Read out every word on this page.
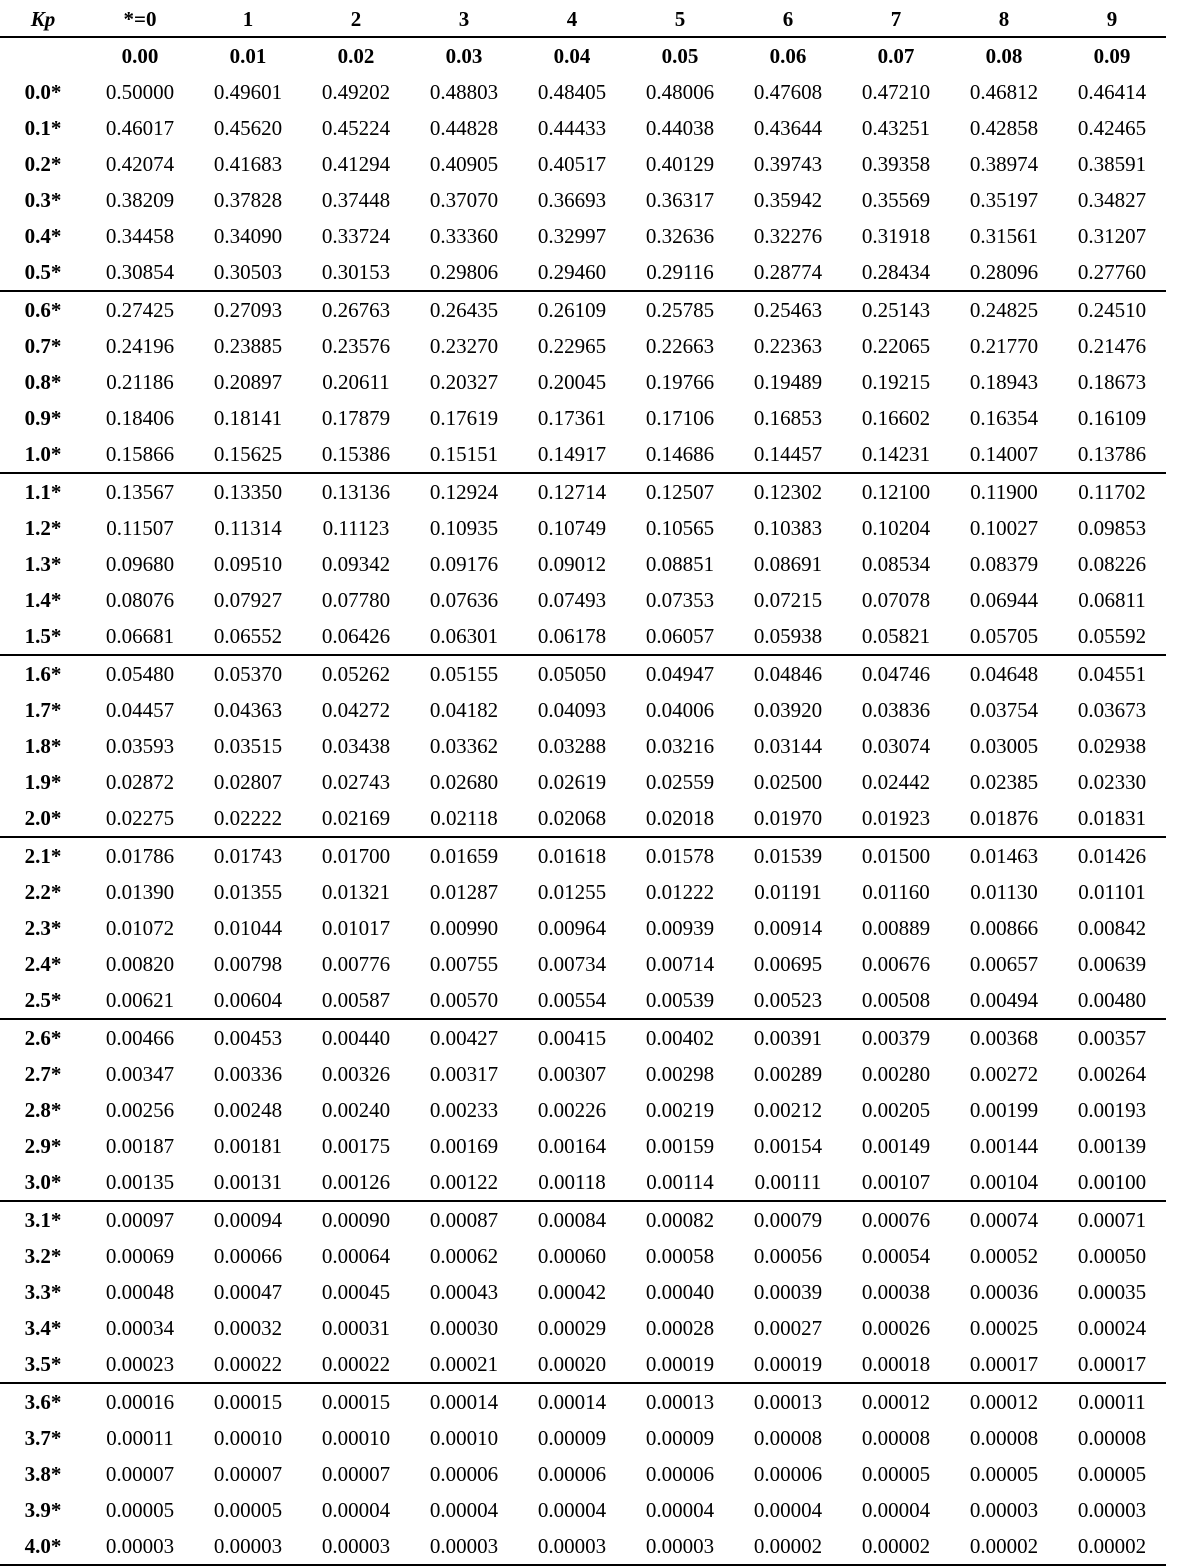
Kp	*=0	1	2	3	4	5	6	7	8	9
	0.00	0.01	0.02	0.03	0.04	0.05	0.06	0.07	0.08	0.09
0.0*	0.50000	0.49601	0.49202	0.48803	0.48405	0.48006	0.47608	0.47210	0.46812	0.46414
0.1*	0.46017	0.45620	0.45224	0.44828	0.44433	0.44038	0.43644	0.43251	0.42858	0.42465
0.2*	0.42074	0.41683	0.41294	0.40905	0.40517	0.40129	0.39743	0.39358	0.38974	0.38591
0.3*	0.38209	0.37828	0.37448	0.37070	0.36693	0.36317	0.35942	0.35569	0.35197	0.34827
0.4*	0.34458	0.34090	0.33724	0.33360	0.32997	0.32636	0.32276	0.31918	0.31561	0.31207
0.5*	0.30854	0.30503	0.30153	0.29806	0.29460	0.29116	0.28774	0.28434	0.28096	0.27760
0.6*	0.27425	0.27093	0.26763	0.26435	0.26109	0.25785	0.25463	0.25143	0.24825	0.24510
0.7*	0.24196	0.23885	0.23576	0.23270	0.22965	0.22663	0.22363	0.22065	0.21770	0.21476
0.8*	0.21186	0.20897	0.20611	0.20327	0.20045	0.19766	0.19489	0.19215	0.18943	0.18673
0.9*	0.18406	0.18141	0.17879	0.17619	0.17361	0.17106	0.16853	0.16602	0.16354	0.16109
1.0*	0.15866	0.15625	0.15386	0.15151	0.14917	0.14686	0.14457	0.14231	0.14007	0.13786
1.1*	0.13567	0.13350	0.13136	0.12924	0.12714	0.12507	0.12302	0.12100	0.11900	0.11702
1.2*	0.11507	0.11314	0.11123	0.10935	0.10749	0.10565	0.10383	0.10204	0.10027	0.09853
1.3*	0.09680	0.09510	0.09342	0.09176	0.09012	0.08851	0.08691	0.08534	0.08379	0.08226
1.4*	0.08076	0.07927	0.07780	0.07636	0.07493	0.07353	0.07215	0.07078	0.06944	0.06811
1.5*	0.06681	0.06552	0.06426	0.06301	0.06178	0.06057	0.05938	0.05821	0.05705	0.05592
1.6*	0.05480	0.05370	0.05262	0.05155	0.05050	0.04947	0.04846	0.04746	0.04648	0.04551
1.7*	0.04457	0.04363	0.04272	0.04182	0.04093	0.04006	0.03920	0.03836	0.03754	0.03673
1.8*	0.03593	0.03515	0.03438	0.03362	0.03288	0.03216	0.03144	0.03074	0.03005	0.02938
1.9*	0.02872	0.02807	0.02743	0.02680	0.02619	0.02559	0.02500	0.02442	0.02385	0.02330
2.0*	0.02275	0.02222	0.02169	0.02118	0.02068	0.02018	0.01970	0.01923	0.01876	0.01831
2.1*	0.01786	0.01743	0.01700	0.01659	0.01618	0.01578	0.01539	0.01500	0.01463	0.01426
2.2*	0.01390	0.01355	0.01321	0.01287	0.01255	0.01222	0.01191	0.01160	0.01130	0.01101
2.3*	0.01072	0.01044	0.01017	0.00990	0.00964	0.00939	0.00914	0.00889	0.00866	0.00842
2.4*	0.00820	0.00798	0.00776	0.00755	0.00734	0.00714	0.00695	0.00676	0.00657	0.00639
2.5*	0.00621	0.00604	0.00587	0.00570	0.00554	0.00539	0.00523	0.00508	0.00494	0.00480
2.6*	0.00466	0.00453	0.00440	0.00427	0.00415	0.00402	0.00391	0.00379	0.00368	0.00357
2.7*	0.00347	0.00336	0.00326	0.00317	0.00307	0.00298	0.00289	0.00280	0.00272	0.00264
2.8*	0.00256	0.00248	0.00240	0.00233	0.00226	0.00219	0.00212	0.00205	0.00199	0.00193
2.9*	0.00187	0.00181	0.00175	0.00169	0.00164	0.00159	0.00154	0.00149	0.00144	0.00139
3.0*	0.00135	0.00131	0.00126	0.00122	0.00118	0.00114	0.00111	0.00107	0.00104	0.00100
3.1*	0.00097	0.00094	0.00090	0.00087	0.00084	0.00082	0.00079	0.00076	0.00074	0.00071
3.2*	0.00069	0.00066	0.00064	0.00062	0.00060	0.00058	0.00056	0.00054	0.00052	0.00050
3.3*	0.00048	0.00047	0.00045	0.00043	0.00042	0.00040	0.00039	0.00038	0.00036	0.00035
3.4*	0.00034	0.00032	0.00031	0.00030	0.00029	0.00028	0.00027	0.00026	0.00025	0.00024
3.5*	0.00023	0.00022	0.00022	0.00021	0.00020	0.00019	0.00019	0.00018	0.00017	0.00017
3.6*	0.00016	0.00015	0.00015	0.00014	0.00014	0.00013	0.00013	0.00012	0.00012	0.00011
3.7*	0.00011	0.00010	0.00010	0.00010	0.00009	0.00009	0.00008	0.00008	0.00008	0.00008
3.8*	0.00007	0.00007	0.00007	0.00006	0.00006	0.00006	0.00006	0.00005	0.00005	0.00005
3.9*	0.00005	0.00005	0.00004	0.00004	0.00004	0.00004	0.00004	0.00004	0.00003	0.00003
4.0*	0.00003	0.00003	0.00003	0.00003	0.00003	0.00003	0.00002	0.00002	0.00002	0.00002
